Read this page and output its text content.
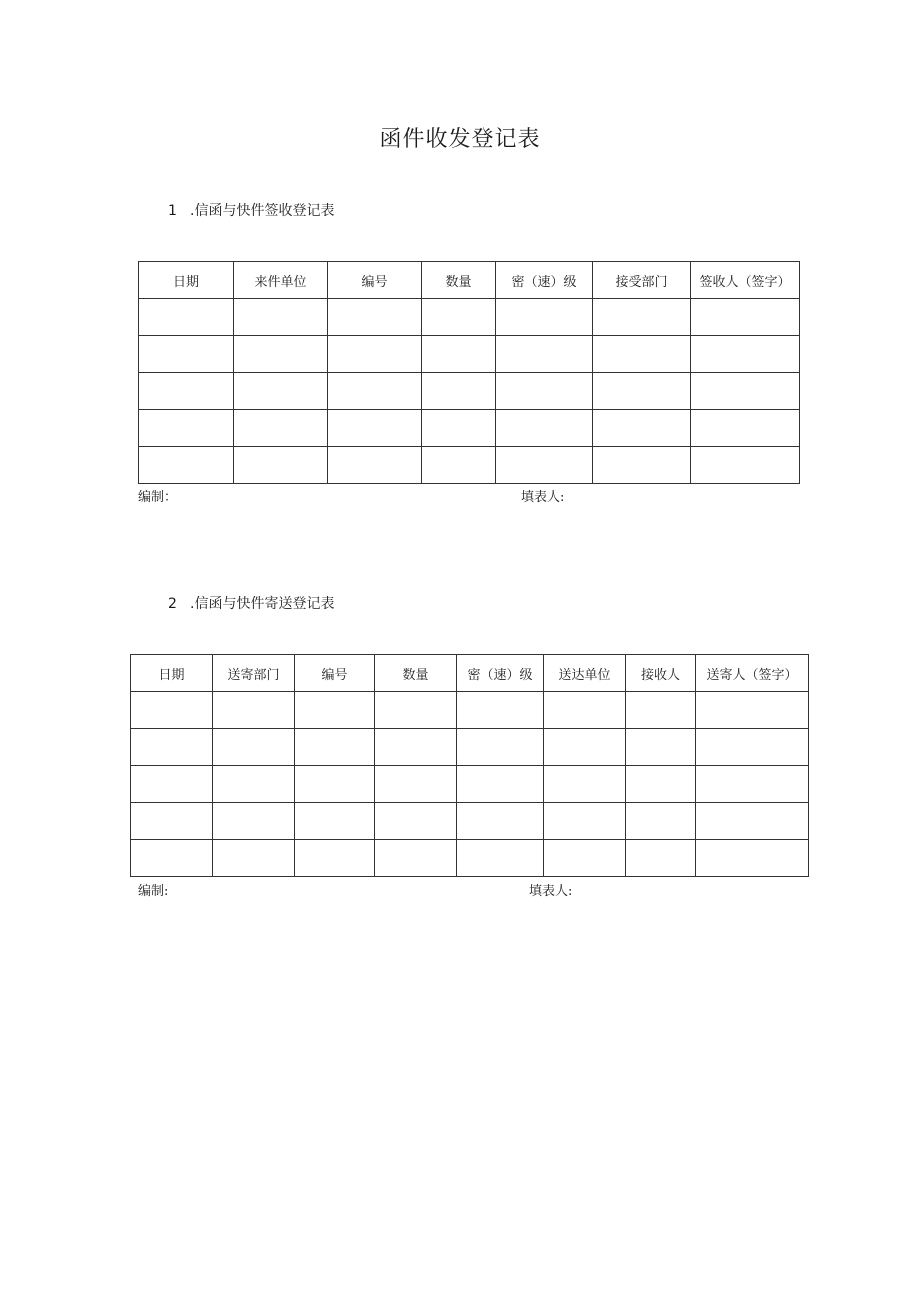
函件收发登记表
1 .信函与快件签收登记表
日期	来件单位	编号	数量	密（速）级	接受部门	签收人（签字）

编制：	填表人:
2 .信函与快件寄送登记表
日期	送寄部门	编号	数量	密（速）级	送达单位	接收人	送寄人（签字）

编制:	填表人:
